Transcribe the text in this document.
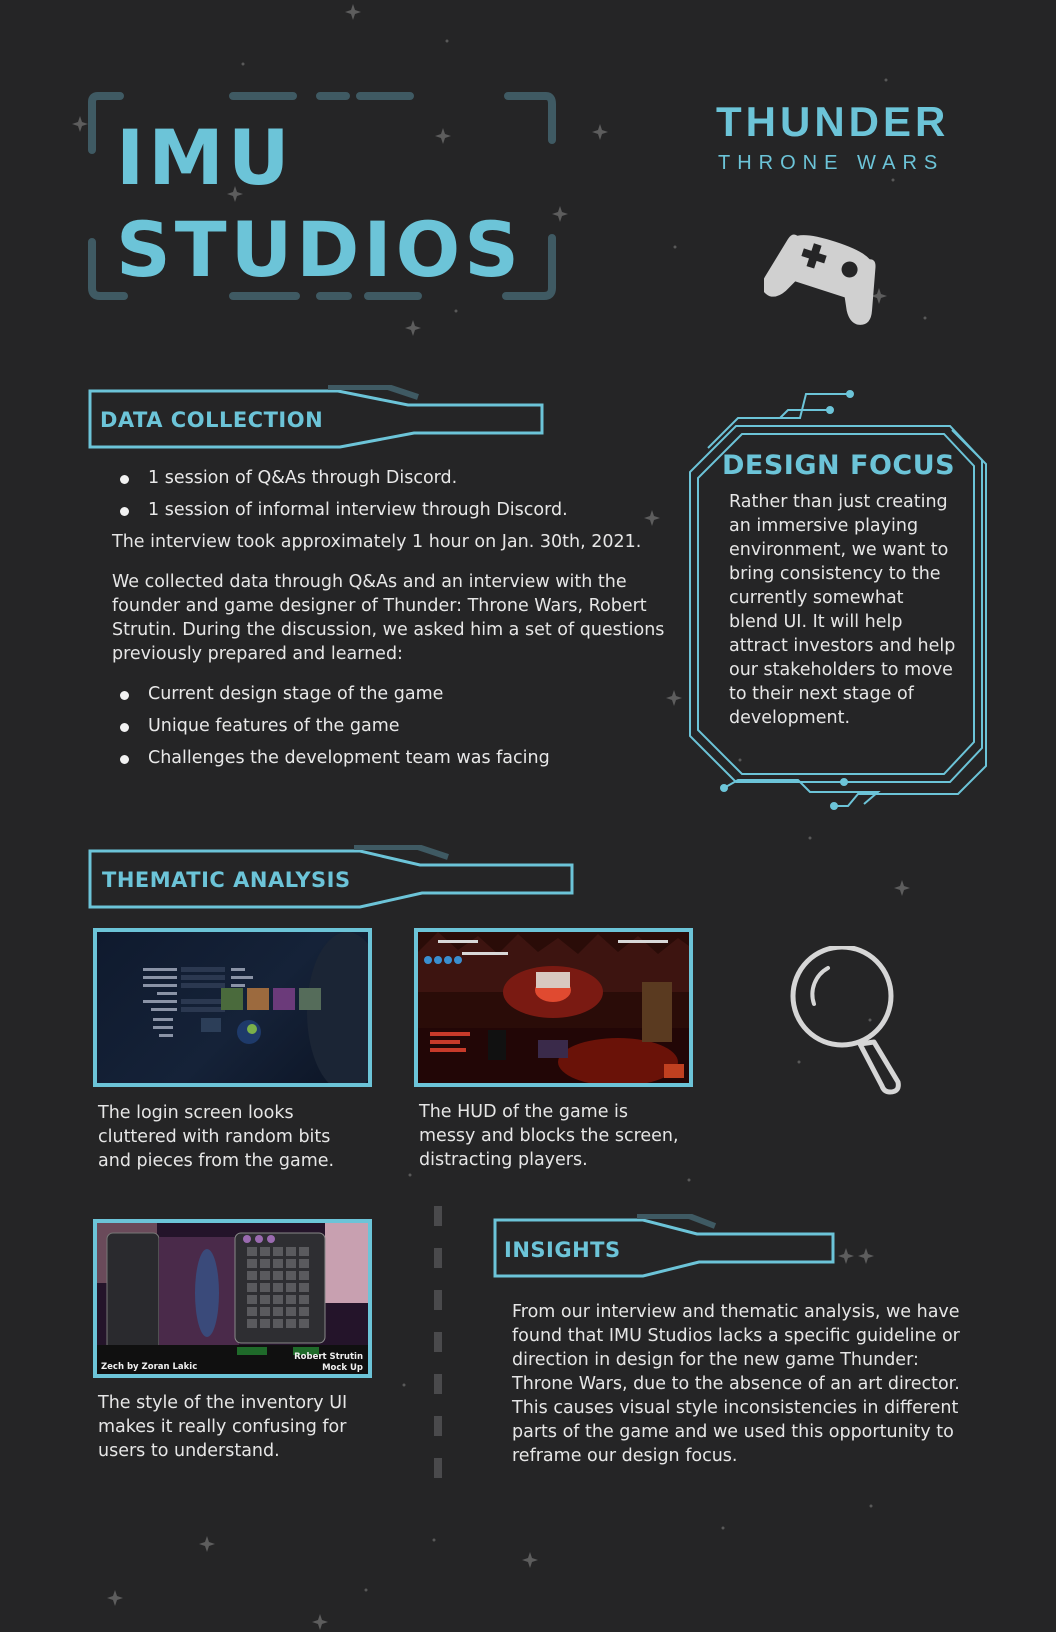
IMU
STUDIOS
THUNDER
THRONE WARS
DATA COLLECTION
1 session of Q&As through Discord.
1 session of informal interview through Discord.

The interview took approximately 1 hour on Jan. 30th, 2021.

We collected data through Q&As and an interview with the founder and game designer of Thunder: Throne Wars, Robert Strutin. During the discussion, we asked him a set of questions previously prepared and learned:

Current design stage of the game
Unique features of the game
Challenges the development team was facing
DESIGN FOCUS
Rather than just creating an immersive playing environment, we want to bring consistency to the currently somewhat blend UI. It will help attract investors and help our stakeholders to move to their next stage of development.
THEMATIC ANALYSIS
The login screen looks cluttered with random bits and pieces from the game.
The HUD of the game is messy and blocks the screen, distracting players.
Zech by Zoran Lakic
Robert Strutin
Mock Up
The style of the inventory UI makes it really confusing for users to understand.
INSIGHTS
From our interview and thematic analysis, we have found that IMU Studios lacks a specific guideline or direction in design for the new game Thunder: Throne Wars, due to the absence of an art director. This causes visual style inconsistencies in different parts of the game and we used this opportunity to reframe our design focus.
